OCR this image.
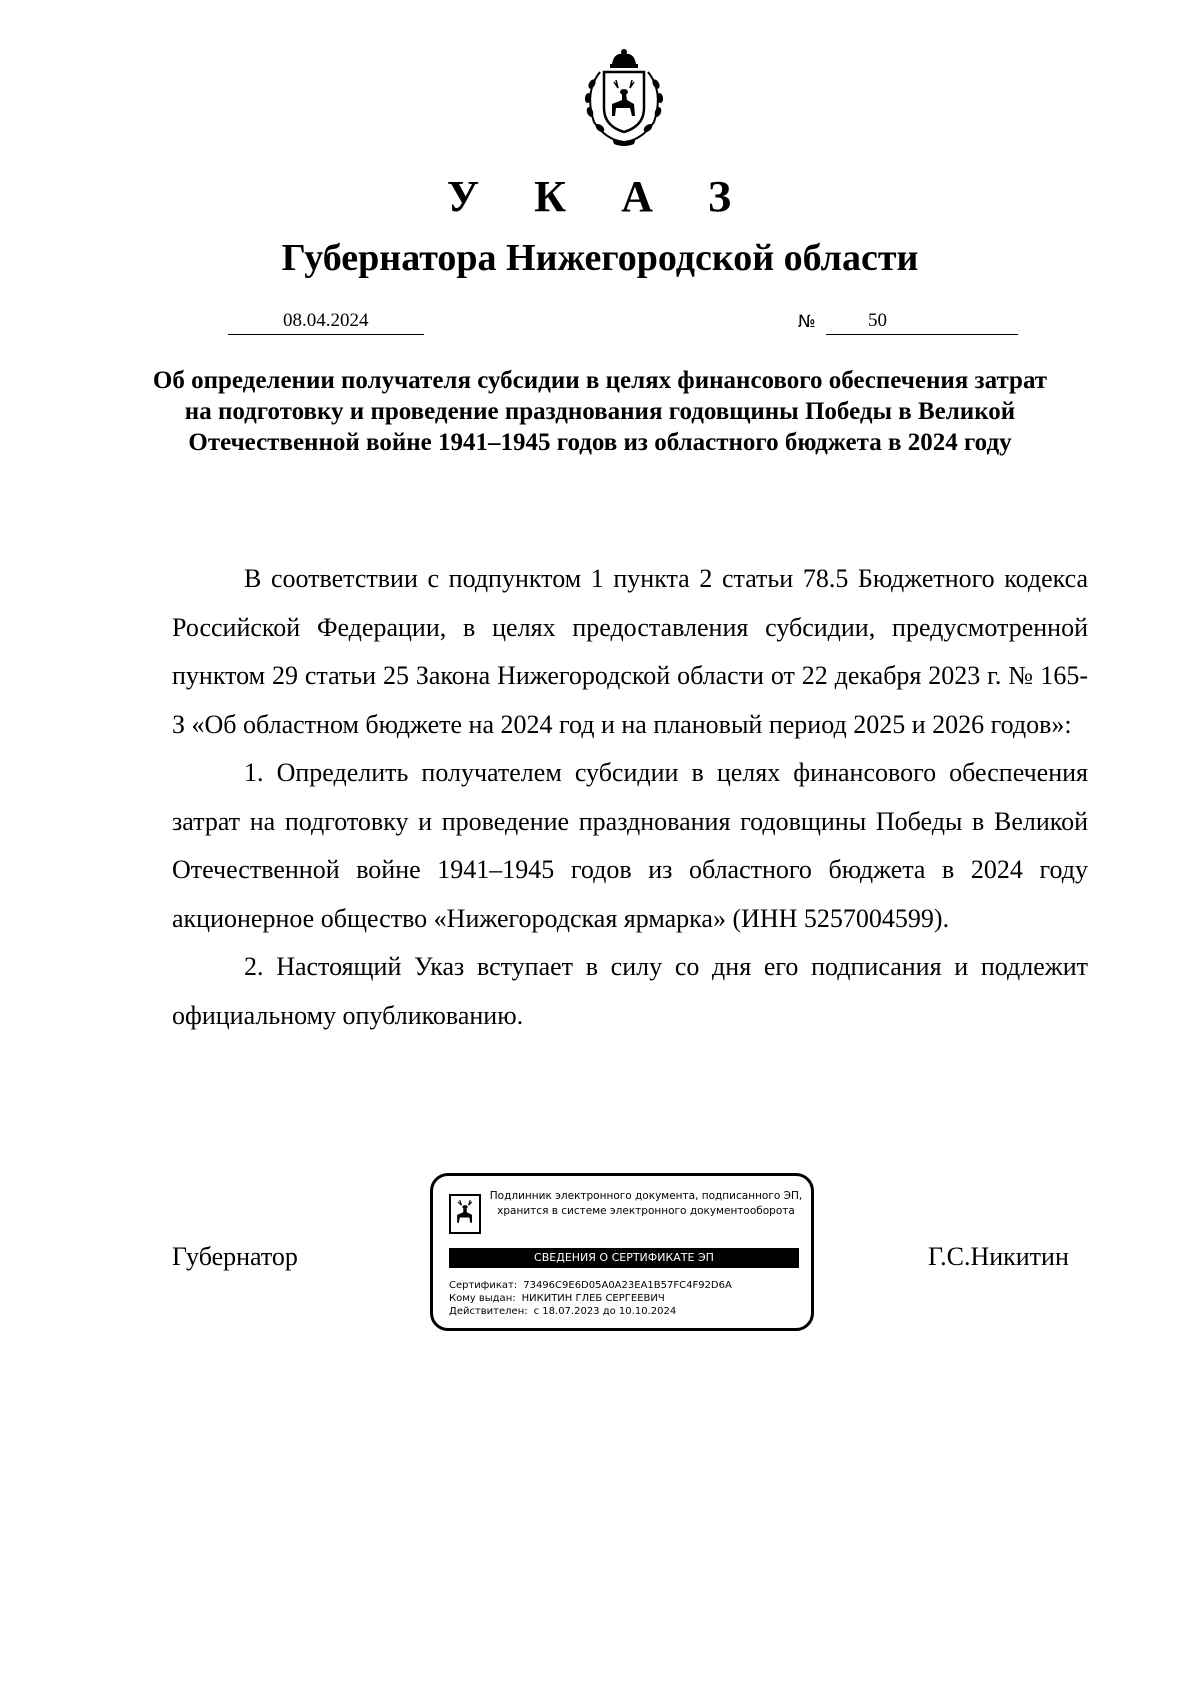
У К А З
Губернатора Нижегородской области
08.04.2024	№	50
Об определении получателя субсидии в целях финансового обеспечения затрат на подготовку и проведение празднования годовщины Победы в Великой Отечественной войне 1941–1945 годов из областного бюджета в 2024 году

В соответствии с подпунктом 1 пункта 2 статьи 78.5 Бюджетного кодекса Российской Федерации, в целях предоставления субсидии, предусмотренной пунктом 29 статьи 25 Закона Нижегородской области от 22 декабря 2023 г. № 165-З «Об областном бюджете на 2024 год и на плановый период 2025 и 2026 годов»:

1. Определить получателем субсидии в целях финансового обеспечения затрат на подготовку и проведение празднования годовщины Победы в Великой Отечественной войне 1941–1945 годов из областного бюджета в 2024 году акционерное общество «Нижегородская ярмарка» (ИНН 5257004599).

2. Настоящий Указ вступает в силу со дня его подписания и подлежит официальному опубликованию.

Губернатор
Подлинник электронного документа, подписанного ЭП,
хранится в системе электронного документооборота
СВЕДЕНИЯ О СЕРТИФИКАТЕ ЭП
Сертификат: 73496C9E6D05A0A23EA1B57FC4F92D6A
Кому выдан: НИКИТИН ГЛЕБ СЕРГЕЕВИЧ
Действителен: с 18.07.2023 до 10.10.2024
Г.С.Никитин
